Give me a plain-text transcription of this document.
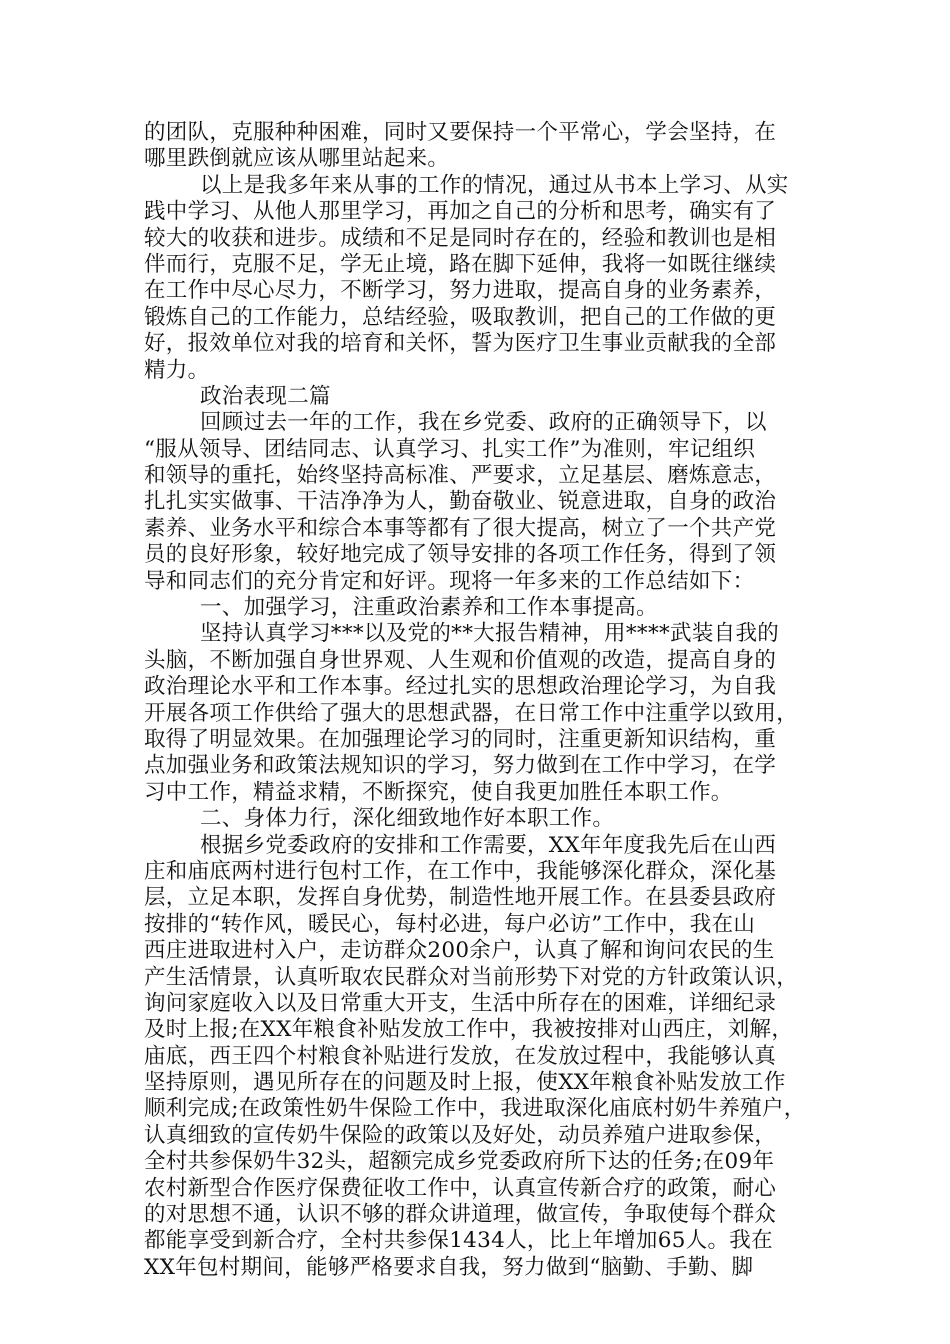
的团队，克服种种困难，同时又要保持一个平常心，学会坚持，在
哪里跌倒就应该从哪里站起来。
以上是我多年来从事的工作的情况，通过从书本上学习、从实
践中学习、从他人那里学习，再加之自己的分析和思考，确实有了
较大的收获和进步。成绩和不足是同时存在的，经验和教训也是相
伴而行，克服不足，学无止境，路在脚下延伸，我将一如既往继续
在工作中尽心尽力，不断学习，努力进取，提高自身的业务素养，
锻炼自己的工作能力，总结经验，吸取教训，把自己的工作做的更
好，报效单位对我的培育和关怀，誓为医疗卫生事业贡献我的全部
精力。
政治表现二篇
回顾过去一年的工作，我在乡党委、政府的正确领导下，以
“服从领导、团结同志、认真学习、扎实工作”为准则，牢记组织
和领导的重托，始终坚持高标准、严要求，立足基层、磨炼意志，
扎扎实实做事、干洁净净为人，勤奋敬业、锐意进取，自身的政治
素养、业务水平和综合本事等都有了很大提高，树立了一个共产党
员的良好形象，较好地完成了领导安排的各项工作任务，得到了领
导和同志们的充分肯定和好评。现将一年多来的工作总结如下：
一、加强学习，注重政治素养和工作本事提高。
坚持认真学习***以及党的**大报告精神，用****武装自我的
头脑，不断加强自身世界观、人生观和价值观的改造，提高自身的
政治理论水平和工作本事。经过扎实的思想政治理论学习，为自我
开展各项工作供给了强大的思想武器，在日常工作中注重学以致用，
取得了明显效果。在加强理论学习的同时，注重更新知识结构，重
点加强业务和政策法规知识的学习，努力做到在工作中学习，在学
习中工作，精益求精，不断探究，使自我更加胜任本职工作。
二、身体力行，深化细致地作好本职工作。
根据乡党委政府的安排和工作需要，XX年年度我先后在山西
庄和庙底两村进行包村工作，在工作中，我能够深化群众，深化基
层，立足本职，发挥自身优势，制造性地开展工作。在县委县政府
按排的“转作风，暖民心，每村必进，每户必访”工作中，我在山
西庄进取进村入户，走访群众200余户，认真了解和询问农民的生
产生活情景，认真听取农民群众对当前形势下对党的方针政策认识，
询问家庭收入以及日常重大开支，生活中所存在的困难，详细纪录
及时上报;在XX年粮食补贴发放工作中，我被按排对山西庄，刘解，
庙底，西王四个村粮食补贴进行发放，在发放过程中，我能够认真
坚持原则，遇见所存在的问题及时上报，使XX年粮食补贴发放工作
顺利完成;在政策性奶牛保险工作中，我进取深化庙底村奶牛养殖户，
认真细致的宣传奶牛保险的政策以及好处，动员养殖户进取参保，
全村共参保奶牛32头，超额完成乡党委政府所下达的任务;在09年
农村新型合作医疗保费征收工作中，认真宣传新合疗的政策，耐心
的对思想不通，认识不够的群众讲道理，做宣传，争取使每个群众
都能享受到新合疗，全村共参保1434人，比上年增加65人。我在
XX年包村期间，能够严格要求自我，努力做到“脑勤、手勤、脚
